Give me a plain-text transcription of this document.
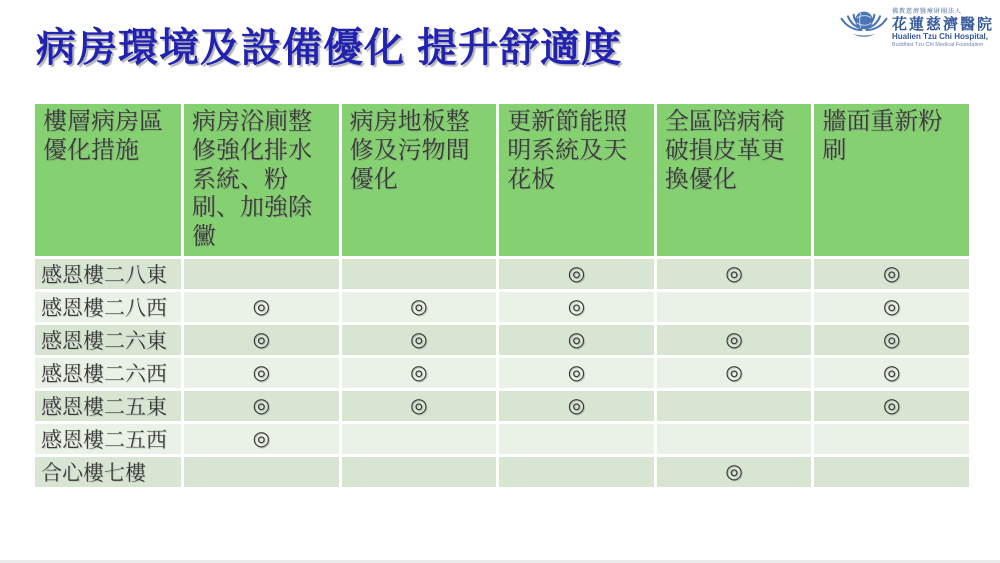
病房環境及設備優化 提升舒適度
佛教慈濟醫療財團法人
花蓮慈濟醫院
Hualien Tzu Chi Hospital,
Buddhist Tzu Chi Medical Foundation
樓層病房區優化措施	病房浴廁整修強化排水系統、粉刷、加強除黴	病房地板整修及污物間優化	更新節能照明系統及天花板	全區陪病椅破損皮革更換優化	牆面重新粉刷
感恩樓二八東			◎	◎	◎
感恩樓二八西	◎	◎	◎		◎
感恩樓二六東	◎	◎	◎	◎	◎
感恩樓二六西	◎	◎	◎	◎	◎
感恩樓二五東	◎	◎	◎		◎
感恩樓二五西	◎				
合心樓七樓				◎	
